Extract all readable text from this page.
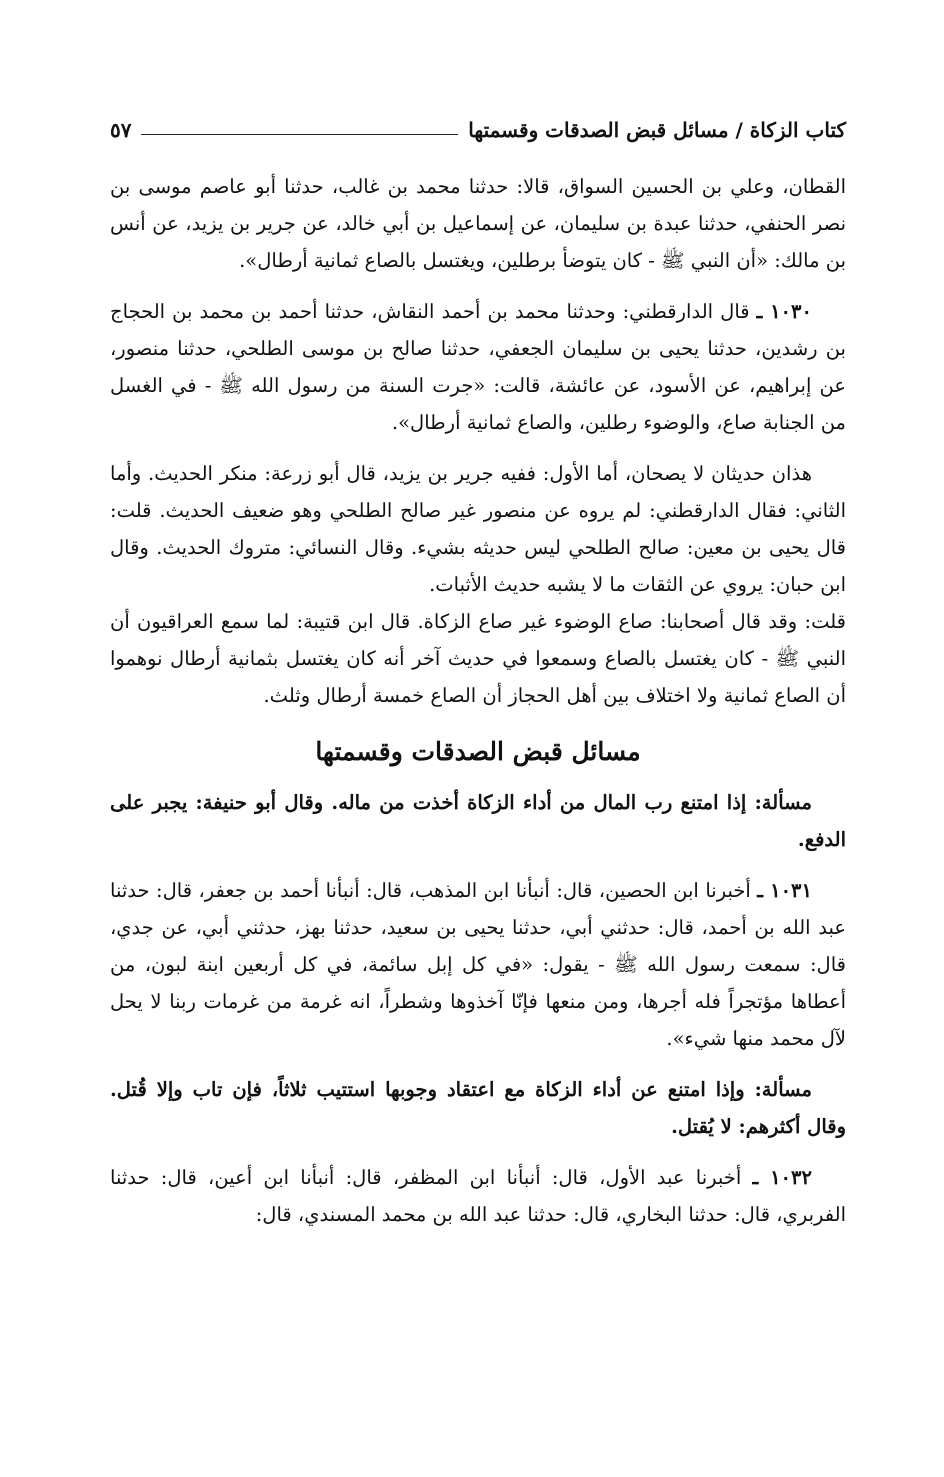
كتاب الزكاة / مسائل قبض الصدقات وقسمتها
٥٧

القطان، وعلي بن الحسين السواق، قالا: حدثنا محمد بن غالب، حدثنا أبو عاصم موسى بن نصر الحنفي، حدثنا عبدة بن سليمان، عن إسماعيل بن أبي خالد، عن جرير بن يزيد، عن أنس بن مالك: «أن النبي ﷺ - كان يتوضأ برطلين، ويغتسل بالصاع ثمانية أرطال».

١٠٣٠ ـ قال الدارقطني: وحدثنا محمد بن أحمد النقاش، حدثنا أحمد بن محمد بن الحجاج بن رشدين، حدثنا يحيى بن سليمان الجعفي، حدثنا صالح بن موسى الطلحي، حدثنا منصور، عن إبراهيم، عن الأسود، عن عائشة، قالت: «جرت السنة من رسول الله ﷺ - في الغسل من الجنابة صاع، والوضوء رطلين، والصاع ثمانية أرطال».

هذان حديثان لا يصحان، أما الأول: ففيه جرير بن يزيد، قال أبو زرعة: منكر الحديث. وأما الثاني: فقال الدارقطني: لم يروه عن منصور غير صالح الطلحي وهو ضعيف الحديث. قلت: قال يحيى بن معين: صالح الطلحي ليس حديثه بشيء. وقال النسائي: متروك الحديث. وقال ابن حبان: يروي عن الثقات ما لا يشبه حديث الأثبات.

قلت: وقد قال أصحابنا: صاع الوضوء غير صاع الزكاة. قال ابن قتيبة: لما سمع العراقيون أن النبي ﷺ - كان يغتسل بالصاع وسمعوا في حديث آخر أنه كان يغتسل بثمانية أرطال نوهموا أن الصاع ثمانية ولا اختلاف بين أهل الحجاز أن الصاع خمسة أرطال وثلث.

مسائل قبض الصدقات وقسمتها

مسألة: إذا امتنع رب المال من أداء الزكاة أخذت من ماله. وقال أبو حنيفة: يجبر على الدفع.

١٠٣١ ـ أخبرنا ابن الحصين، قال: أنبأنا ابن المذهب، قال: أنبأنا أحمد بن جعفر، قال: حدثنا عبد الله بن أحمد، قال: حدثني أبي، حدثنا يحيى بن سعيد، حدثنا بهز، حدثني أبي، عن جدي، قال: سمعت رسول الله ﷺ - يقول: «في كل إبل سائمة، في كل أربعين ابنة لبون، من أعطاها مؤتجراً فله أجرها، ومن منعها فإنّا آخذوها وشطراً، انه غرمة من غرمات ربنا لا يحل لآل محمد منها شيء».

مسألة: وإذا امتنع عن أداء الزكاة مع اعتقاد وجوبها استتيب ثلاثاً، فإن تاب وإلا قُتل. وقال أكثرهم: لا يُقتل.

١٠٣٢ ـ أخبرنا عبد الأول، قال: أنبأنا ابن المظفر، قال: أنبأنا ابن أعين، قال: حدثنا الفربري، قال: حدثنا البخاري، قال: حدثنا عبد الله بن محمد المسندي، قال:
